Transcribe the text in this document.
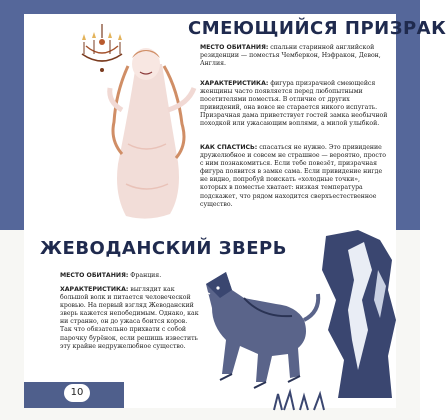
СМЕЮЩИЙСЯ ПРИЗРАК
МЕСТО ОБИТАНИЯ: спальни старинной английской резиденции — поместья Чемберкон, Нэфракон, Девон, Англия.
ХАРАКТЕРИСТИКА: фигура призрачной смеющейся женщины часто появляется перед любопытными посетителями поместья. В отличие от других привидений, она вовсе не старается никого испугать. Призрачная дама приветствует гостей замка необычной походкой или ужасающим воплями, а милой улыбкой.
КАК СПАСТИСЬ: спасаться не нужно. Это привидение дружелюбное и совсем не страшное — вероятно, просто с ним познакомиться. Если тебе повезёт, призрачная фигура появится в замке сама. Если привидение нигде не видно, попробуй поискать «холодные точки», которых в поместье хватает: низкая температура подскажет, что рядом находится сверхъестественное существо.
ЖЕВОДАНСКИЙ ЗВЕРЬ
МЕСТО ОБИТАНИЯ: Франция.
ХАРАКТЕРИСТИКА: выглядит как большой волк и питается человеческой кровью. На первый взгляд Жеводанский зверь кажется непобедимым. Однако, как ни странно, он до ужаса боится коров. Так что обязательно прихвати с собой парочку бурёнок, если решишь известить эту крайне недружелюбное существо.
10
